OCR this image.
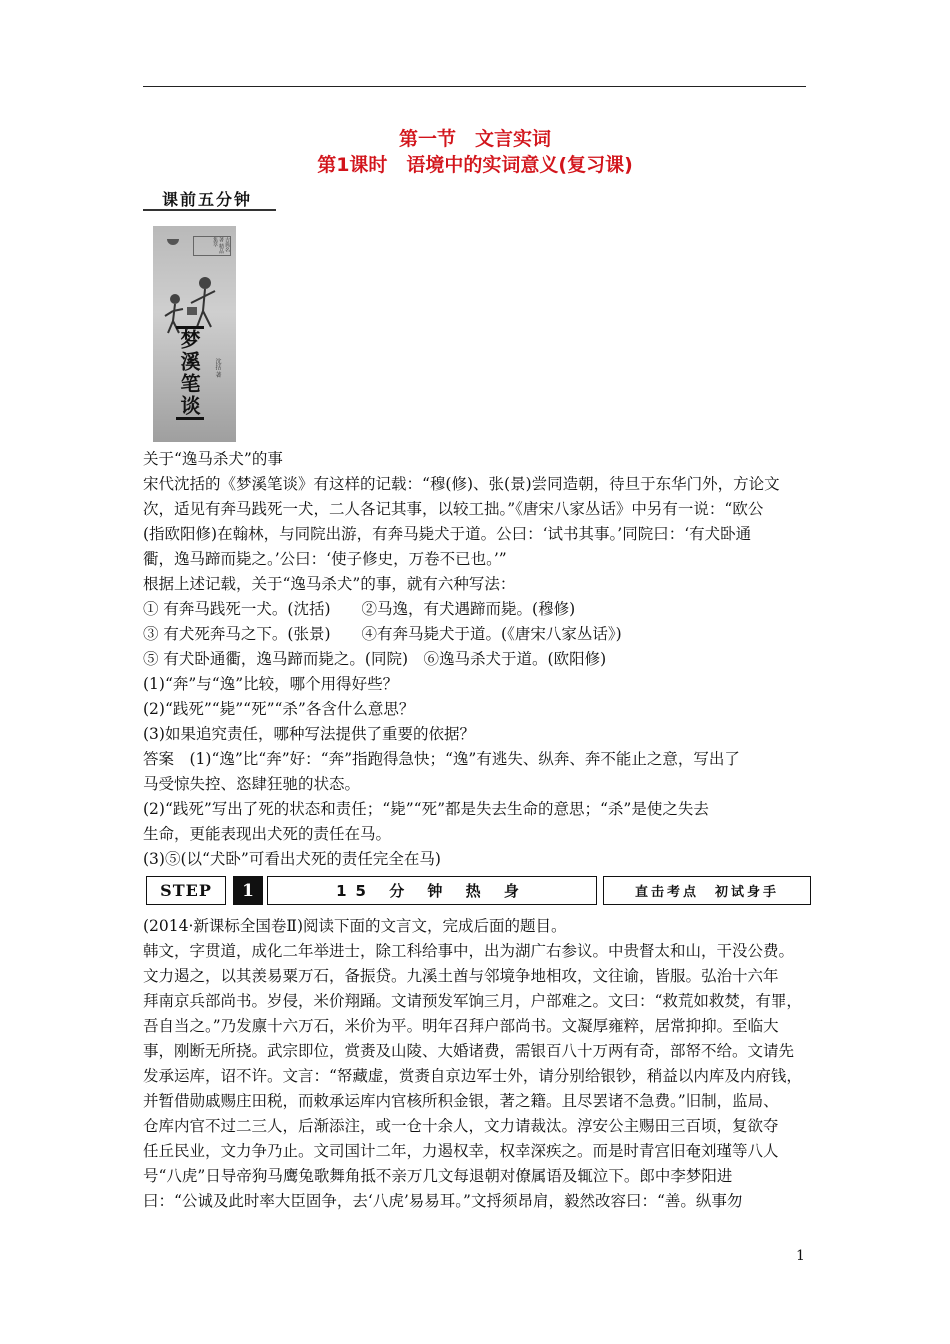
第一节　文言实词
第1课时　语境中的实词意义(复习课)
课前五分钟
古典名著 精品集萃
梦溪笔谈	沈括 著
关于“逸马杀犬”的事
宋代沈括的《梦溪笔谈》有这样的记载：“穆(修)、张(景)尝同造朝，待旦于东华门外，方论文
次，适见有奔马践死一犬，二人各记其事，以较工拙。”《唐宋八家丛话》中另有一说：“欧公
(指欧阳修)在翰林，与同院出游，有奔马毙犬于道。公曰：‘试书其事。’同院曰：‘有犬卧通
衢，逸马蹄而毙之。’公曰：‘使子修史，万卷不已也。’”
根据上述记载，关于“逸马杀犬”的事，就有六种写法：
① 有奔马践死一犬。(沈括)　　②马逸，有犬遇蹄而毙。(穆修)
③ 有犬死奔马之下。(张景)　　④有奔马毙犬于道。(《唐宋八家丛话》)
⑤ 有犬卧通衢，逸马蹄而毙之。(同院)　⑥逸马杀犬于道。(欧阳修)
(1)“奔”与“逸”比较，哪个用得好些？
(2)“践死”“毙”“死”“杀”各含什么意思？
(3)如果追究责任，哪种写法提供了重要的依据？
答案　(1)“逸”比“奔”好：“奔”指跑得急快；“逸”有逃失、纵奔、奔不能止之意，写出了
马受惊失控、恣肆狂驰的状态。
(2)“践死”写出了死的状态和责任；“毙”“死”都是失去生命的意思；“杀”是使之失去
生命，更能表现出犬死的责任在马。
(3)⑤(以“犬卧”可看出犬死的责任完全在马)
STEP	1	15 分 钟 热 身	直击考点　初试身手
(2014·新课标全国卷Ⅱ)阅读下面的文言文，完成后面的题目。
韩文，字贯道，成化二年举进士，除工科给事中，出为湖广右参议。中贵督太和山，干没公费。
文力遏之，以其羡易粟万石，备振贷。九溪土酋与邻境争地相攻，文往谕，皆服。弘治十六年
拜南京兵部尚书。岁侵，米价翔踊。文请预发军饷三月，户部难之。文曰：“救荒如救焚，有罪，
吾自当之。”乃发廪十六万石，米价为平。明年召拜户部尚书。文凝厚雍粹，居常抑抑。至临大
事，刚断无所挠。武宗即位，赏赉及山陵、大婚诸费，需银百八十万两有奇，部帑不给。文请先
发承运库，诏不许。文言：“帑藏虚，赏赉自京边军士外，请分别给银钞，稍益以内库及内府钱，
并暂借勋戚赐庄田税，而敕承运库内官核所积金银，著之籍。且尽罢诸不急费。”旧制，监局、
仓库内官不过二三人，后渐添注，或一仓十余人，文力请裁汰。淳安公主赐田三百顷，复欲夺
任丘民业，文力争乃止。文司国计二年，力遏权幸，权幸深疾之。而是时青宫旧奄刘瑾等八人
号“八虎”日导帝狗马鹰兔歌舞角抵不亲万几文每退朝对僚属语及辄泣下。郎中李梦阳进
曰：“公诚及此时率大臣固争，去‘八虎’易易耳。”文捋须昂肩，毅然改容曰：“善。纵事勿
1
